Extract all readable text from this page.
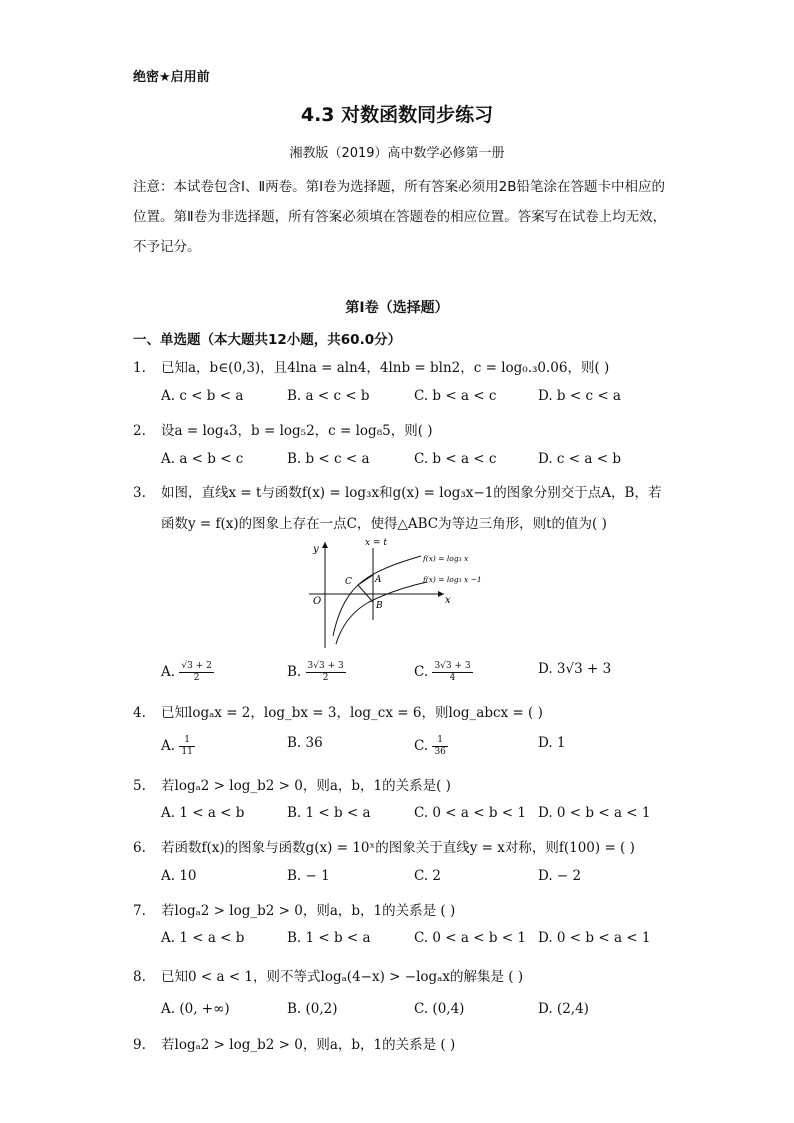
绝密★启用前
4.3 对数函数同步练习
湘教版（2019）高中数学必修第一册
注意：本试卷包含Ⅰ、Ⅱ两卷。第Ⅰ卷为选择题，所有答案必须用2B铅笔涂在答题卡中相应的位置。第Ⅱ卷为非选择题，所有答案必须填在答题卷的相应位置。答案写在试卷上均无效，不予记分。
第Ⅰ卷（选择题）
一、单选题（本大题共12小题，共60.0分）
1. 已知a，b∈(0,3)，且4lna = aln4，4lnb = bln2，c = log₀.₃0.06，则( )
A. c < b < a	B. a < c < b	C. b < a < c	D. b < c < a
2. 设a = log₄3，b = log₅2，c = log₈5，则( )
A. a < b < c	B. b < c < a	C. b < a < c	D. c < a < b
3. 如图，直线x = t与函数f(x) = log₃x和g(x) = log₃x−1的图象分别交于点A，B，若
函数y = f(x)的图象上存在一点C，使得△ABC为等边三角形，则t的值为( )
y
x
O
x = t
C	A
B
f(x) = log₃ x
f(x) = log₃ x −1
A. $\frac{√3 + 2}{2}$	B. $\frac{3√3 + 3}{2}$	C. $\frac{3√3 + 3}{4}$	D. 3√3 + 3
4. 已知logₐx = 2，log_bx = 3，log_cx = 6，则log_abcx = ( )
A. $\frac{1}{11}$	B. 36	C. $\frac{1}{36}$	D. 1
5. 若logₐ2 > log_b2 > 0，则a，b，1的关系是( )
A. 1 < a < b	B. 1 < b < a	C. 0 < a < b < 1 D. 0 < b < a < 1
6. 若函数f(x)的图象与函数g(x) = 10ˣ的图象关于直线y = x对称，则f(100) = ( )
A. 10	B. − 1	C. 2	D. − 2
7. 若logₐ2 > log_b2 > 0，则a，b，1的关系是 ( )
A. 1 < a < b	B. 1 < b < a	C. 0 < a < b < 1 D. 0 < b < a < 1
8. 已知0 < a < 1，则不等式logₐ(4−x) > −logₐx的解集是 ( )
A. (0, +∞)	B. (0,2)	C. (0,4)	D. (2,4)
9. 若logₐ2 > log_b2 > 0，则a，b，1的关系是 ( )
